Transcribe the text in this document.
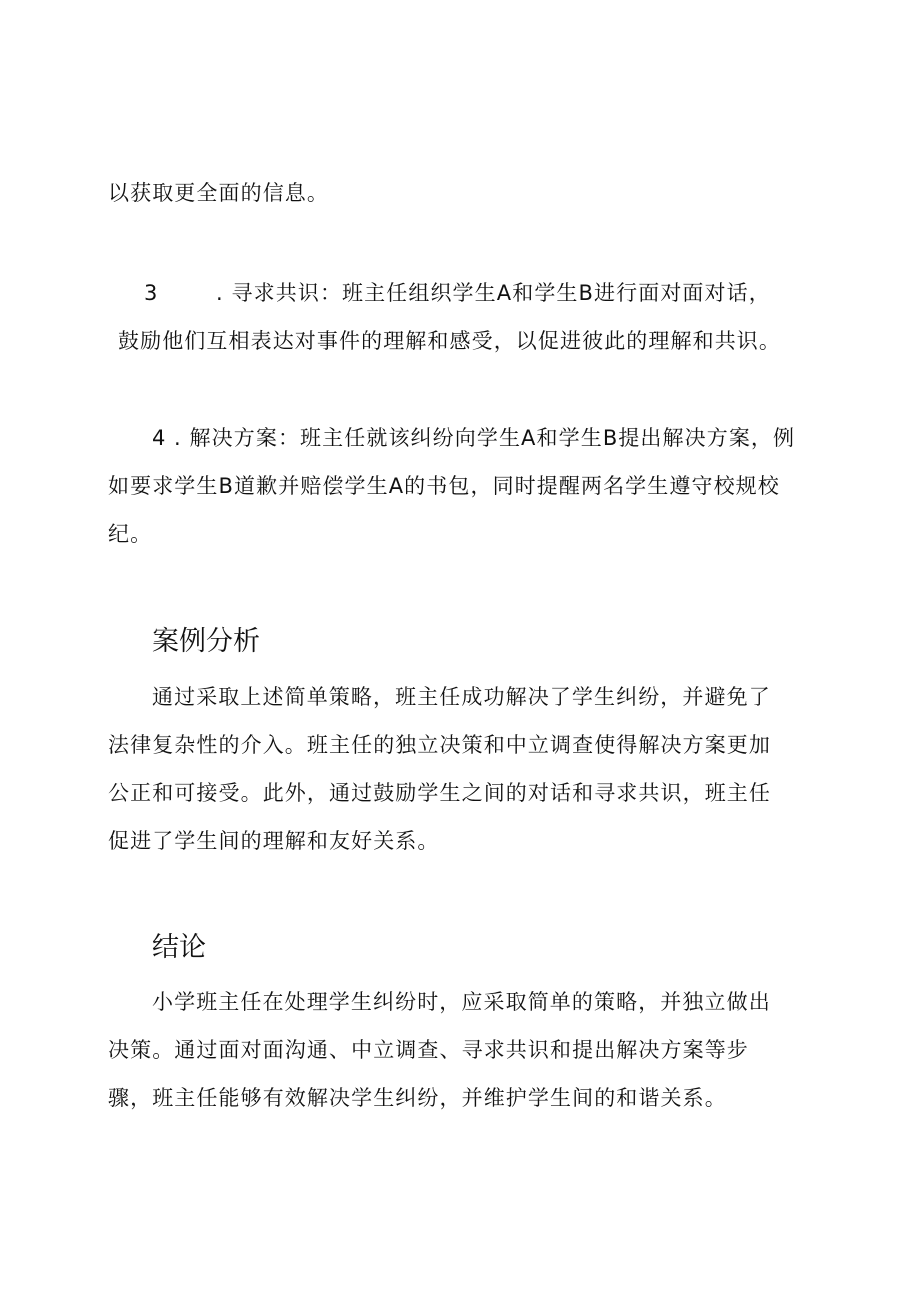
以获取更全面的信息。
3	. 寻求共识：班主任组织学生A和学生B进行面对面对话，
鼓励他们互相表达对事件的理解和感受，以促进彼此的理解和共识。
4 . 解决方案：班主任就该纠纷向学生A和学生B提出解决方案，例
如要求学生B道歉并赔偿学生A的书包，同时提醒两名学生遵守校规校
纪。
案例分析
通过采取上述简单策略，班主任成功解决了学生纠纷，并避免了
法律复杂性的介入。班主任的独立决策和中立调查使得解决方案更加
公正和可接受。此外，通过鼓励学生之间的对话和寻求共识，班主任
促进了学生间的理解和友好关系。
结论
小学班主任在处理学生纠纷时，应采取简单的策略，并独立做出
决策。通过面对面沟通、中立调查、寻求共识和提出解决方案等步
骤，班主任能够有效解决学生纠纷，并维护学生间的和谐关系。
